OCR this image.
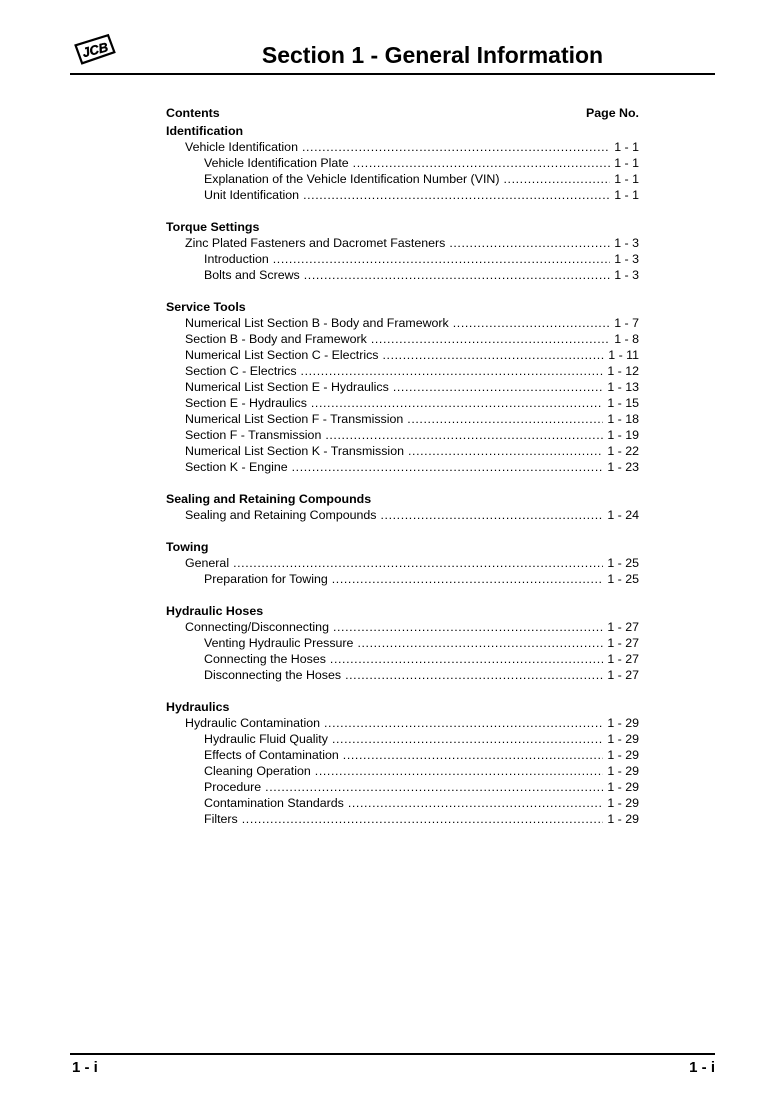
JCB	Section 1 - General Information
Contents	Page No.
Identification
Vehicle Identification .....	1 - 1
Vehicle Identification Plate .....	1 - 1
Explanation of the Vehicle Identification Number (VIN) .....	1 - 1
Unit Identification .....	1 - 1
Torque Settings
Zinc Plated Fasteners and Dacromet Fasteners .....	1 - 3
Introduction .....	1 - 3
Bolts and Screws .....	1 - 3
Service Tools
Numerical List Section B - Body and Framework .....	1 - 7
Section B - Body and Framework .....	1 - 8
Numerical List Section C - Electrics .....	1 - 11
Section C - Electrics .....	1 - 12
Numerical List Section E - Hydraulics .....	1 - 13
Section E - Hydraulics .....	1 - 15
Numerical List Section F - Transmission .....	1 - 18
Section F - Transmission .....	1 - 19
Numerical List Section K - Transmission .....	1 - 22
Section K - Engine .....	1 - 23
Sealing and Retaining Compounds
Sealing and Retaining Compounds .....	1 - 24
Towing
General .....	1 - 25
Preparation for Towing .....	1 - 25
Hydraulic Hoses
Connecting/Disconnecting .....	1 - 27
Venting Hydraulic Pressure .....	1 - 27
Connecting the Hoses .....	1 - 27
Disconnecting the Hoses .....	1 - 27
Hydraulics
Hydraulic Contamination .....	1 - 29
Hydraulic Fluid Quality .....	1 - 29
Effects of Contamination .....	1 - 29
Cleaning Operation .....	1 - 29
Procedure .....	1 - 29
Contamination Standards .....	1 - 29
Filters .....	1 - 29
1 - i	1 - i
